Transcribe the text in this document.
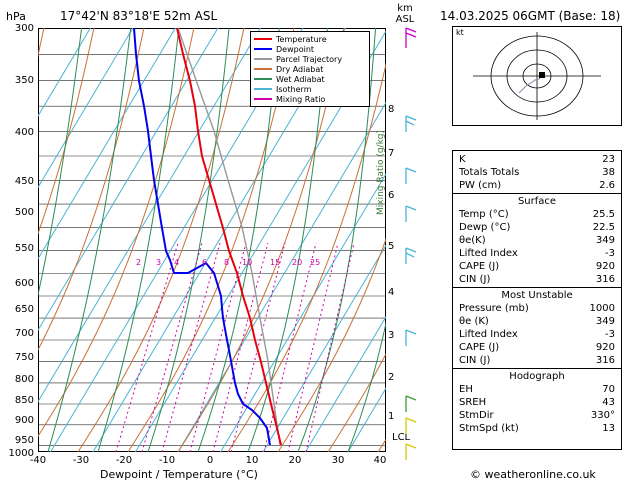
hPa	17°42'N 83°18'E 52m ASL
km
ASL
2 3 4	6 8 10 15 20 25
Mixing Ratio (g/kg)
300
350
400
450
500
550
600
650
700
750
800
850
900
950
1000
1
2
3
4
5
6
7
8
LCL
-40	-30	-20	-10	0	10	20	30	40
Dewpoint / Temperature (°C)
Temperature
Dewpoint
Parcel Trajectory
Dry Adiabat
Wet Adiabat
Isotherm
Mixing Ratio
14.03.2025 06GMT (Base: 18)
kt
K	23
Totals Totals	38
PW (cm)	2.6
Surface
Temp (°C)	25.5
Dewp (°C)	22.5
θe(K)	349
Lifted Index	-3
CAPE (J)	920
CIN (J)	316
Most Unstable
Pressure (mb)	1000
θe (K)	349
Lifted Index	-3
CAPE (J)	920
CIN (J)	316
Hodograph
EH	70
SREH	43
StmDir	330°
StmSpd (kt)	13
© weatheronline.co.uk
